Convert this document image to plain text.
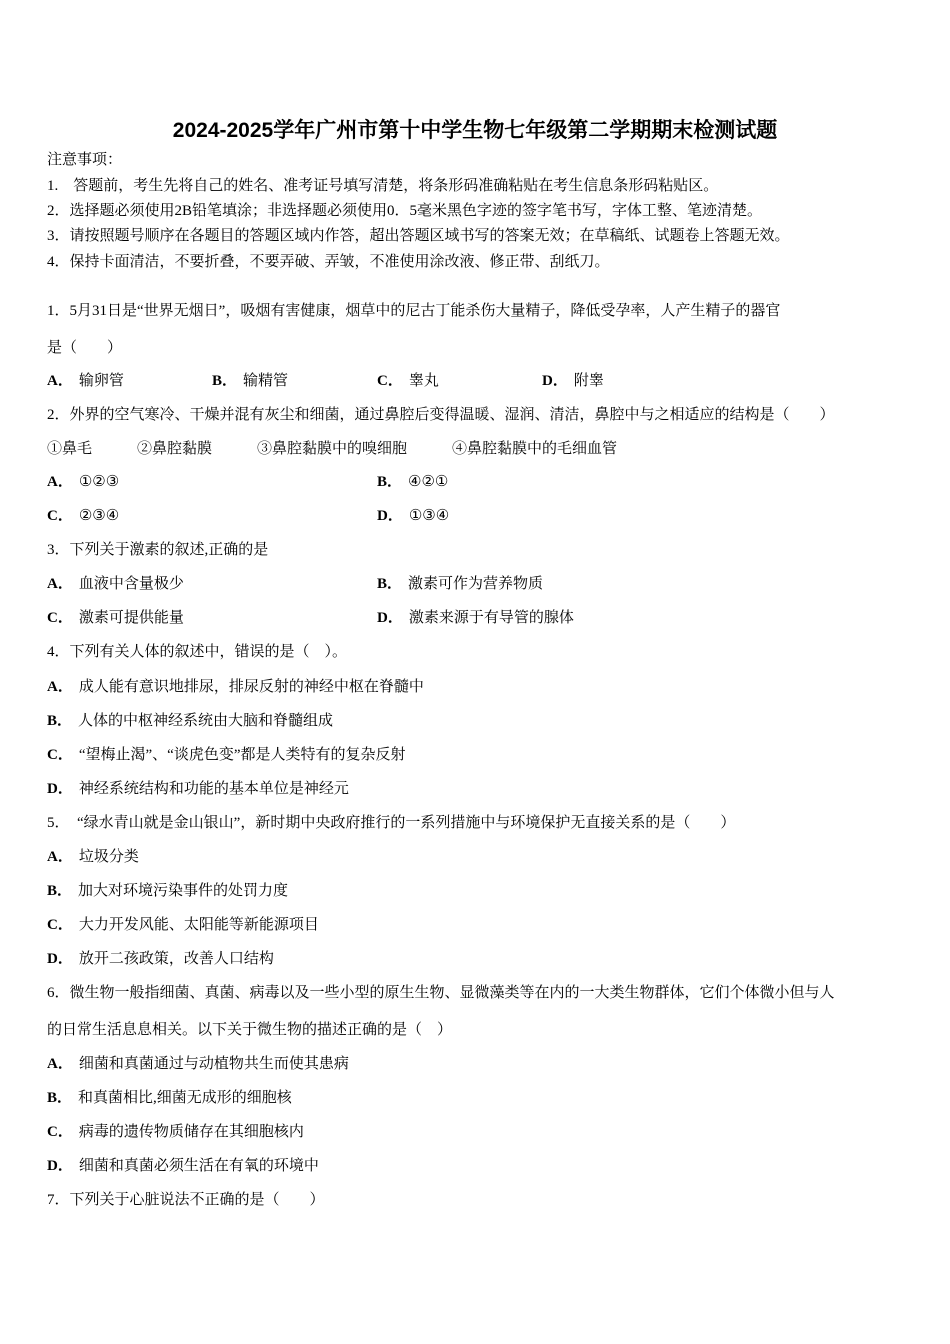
2024-2025学年广州市第十中学生物七年级第二学期期末检测试题
注意事项：
1.　答题前，考生先将自己的姓名、准考证号填写清楚，将条形码准确粘贴在考生信息条形码粘贴区。
2．选择题必须使用2B铅笔填涂；非选择题必须使用0．5毫米黑色字迹的签字笔书写，字体工整、笔迹清楚。
3．请按照题号顺序在各题目的答题区域内作答，超出答题区域书写的答案无效；在草稿纸、试题卷上答题无效。
4．保持卡面清洁，不要折叠，不要弄破、弄皱，不准使用涂改液、修正带、刮纸刀。
1．5月31日是“世界无烟日”，吸烟有害健康，烟草中的尼古丁能杀伤大量精子，降低受孕率，人产生精子的器官
是（　　）
A． 输卵管	B． 输精管	C． 睾丸	D． 附睾
2．外界的空气寒冷、干燥并混有灰尘和细菌，通过鼻腔后变得温暖、湿润、清洁，鼻腔中与之相适应的结构是（　　）
①鼻毛　　　②鼻腔黏膜　　　③鼻腔黏膜中的嗅细胞　　　④鼻腔黏膜中的毛细血管
A． ①②③	B． ④②①
C． ②③④	D． ①③④
3．下列关于激素的叙述,正确的是
A． 血液中含量极少	B． 激素可作为营养物质
C． 激素可提供能量	D． 激素来源于有导管的腺体
4．下列有关人体的叙述中，错误的是（　）。
A． 成人能有意识地排尿，排尿反射的神经中枢在脊髓中
B． 人体的中枢神经系统由大脑和脊髓组成
C． “望梅止渴”、“谈虎色变”都是人类特有的复杂反射
D． 神经系统结构和功能的基本单位是神经元
5．　“绿水青山就是金山银山”，新时期中央政府推行的一系列措施中与环境保护无直接关系的是（　　）
A． 垃圾分类
B． 加大对环境污染事件的处罚力度
C． 大力开发风能、太阳能等新能源项目
D． 放开二孩政策，改善人口结构
6．微生物一般指细菌、真菌、病毒以及一些小型的原生生物、显微藻类等在内的一大类生物群体，它们个体微小但与人
的日常生活息息相关。以下关于微生物的描述正确的是（　）
A． 细菌和真菌通过与动植物共生而使其患病
B． 和真菌相比,细菌无成形的细胞核
C． 病毒的遗传物质储存在其细胞核内
D． 细菌和真菌必须生活在有氧的环境中
7．下列关于心脏说法不正确的是（　　）
